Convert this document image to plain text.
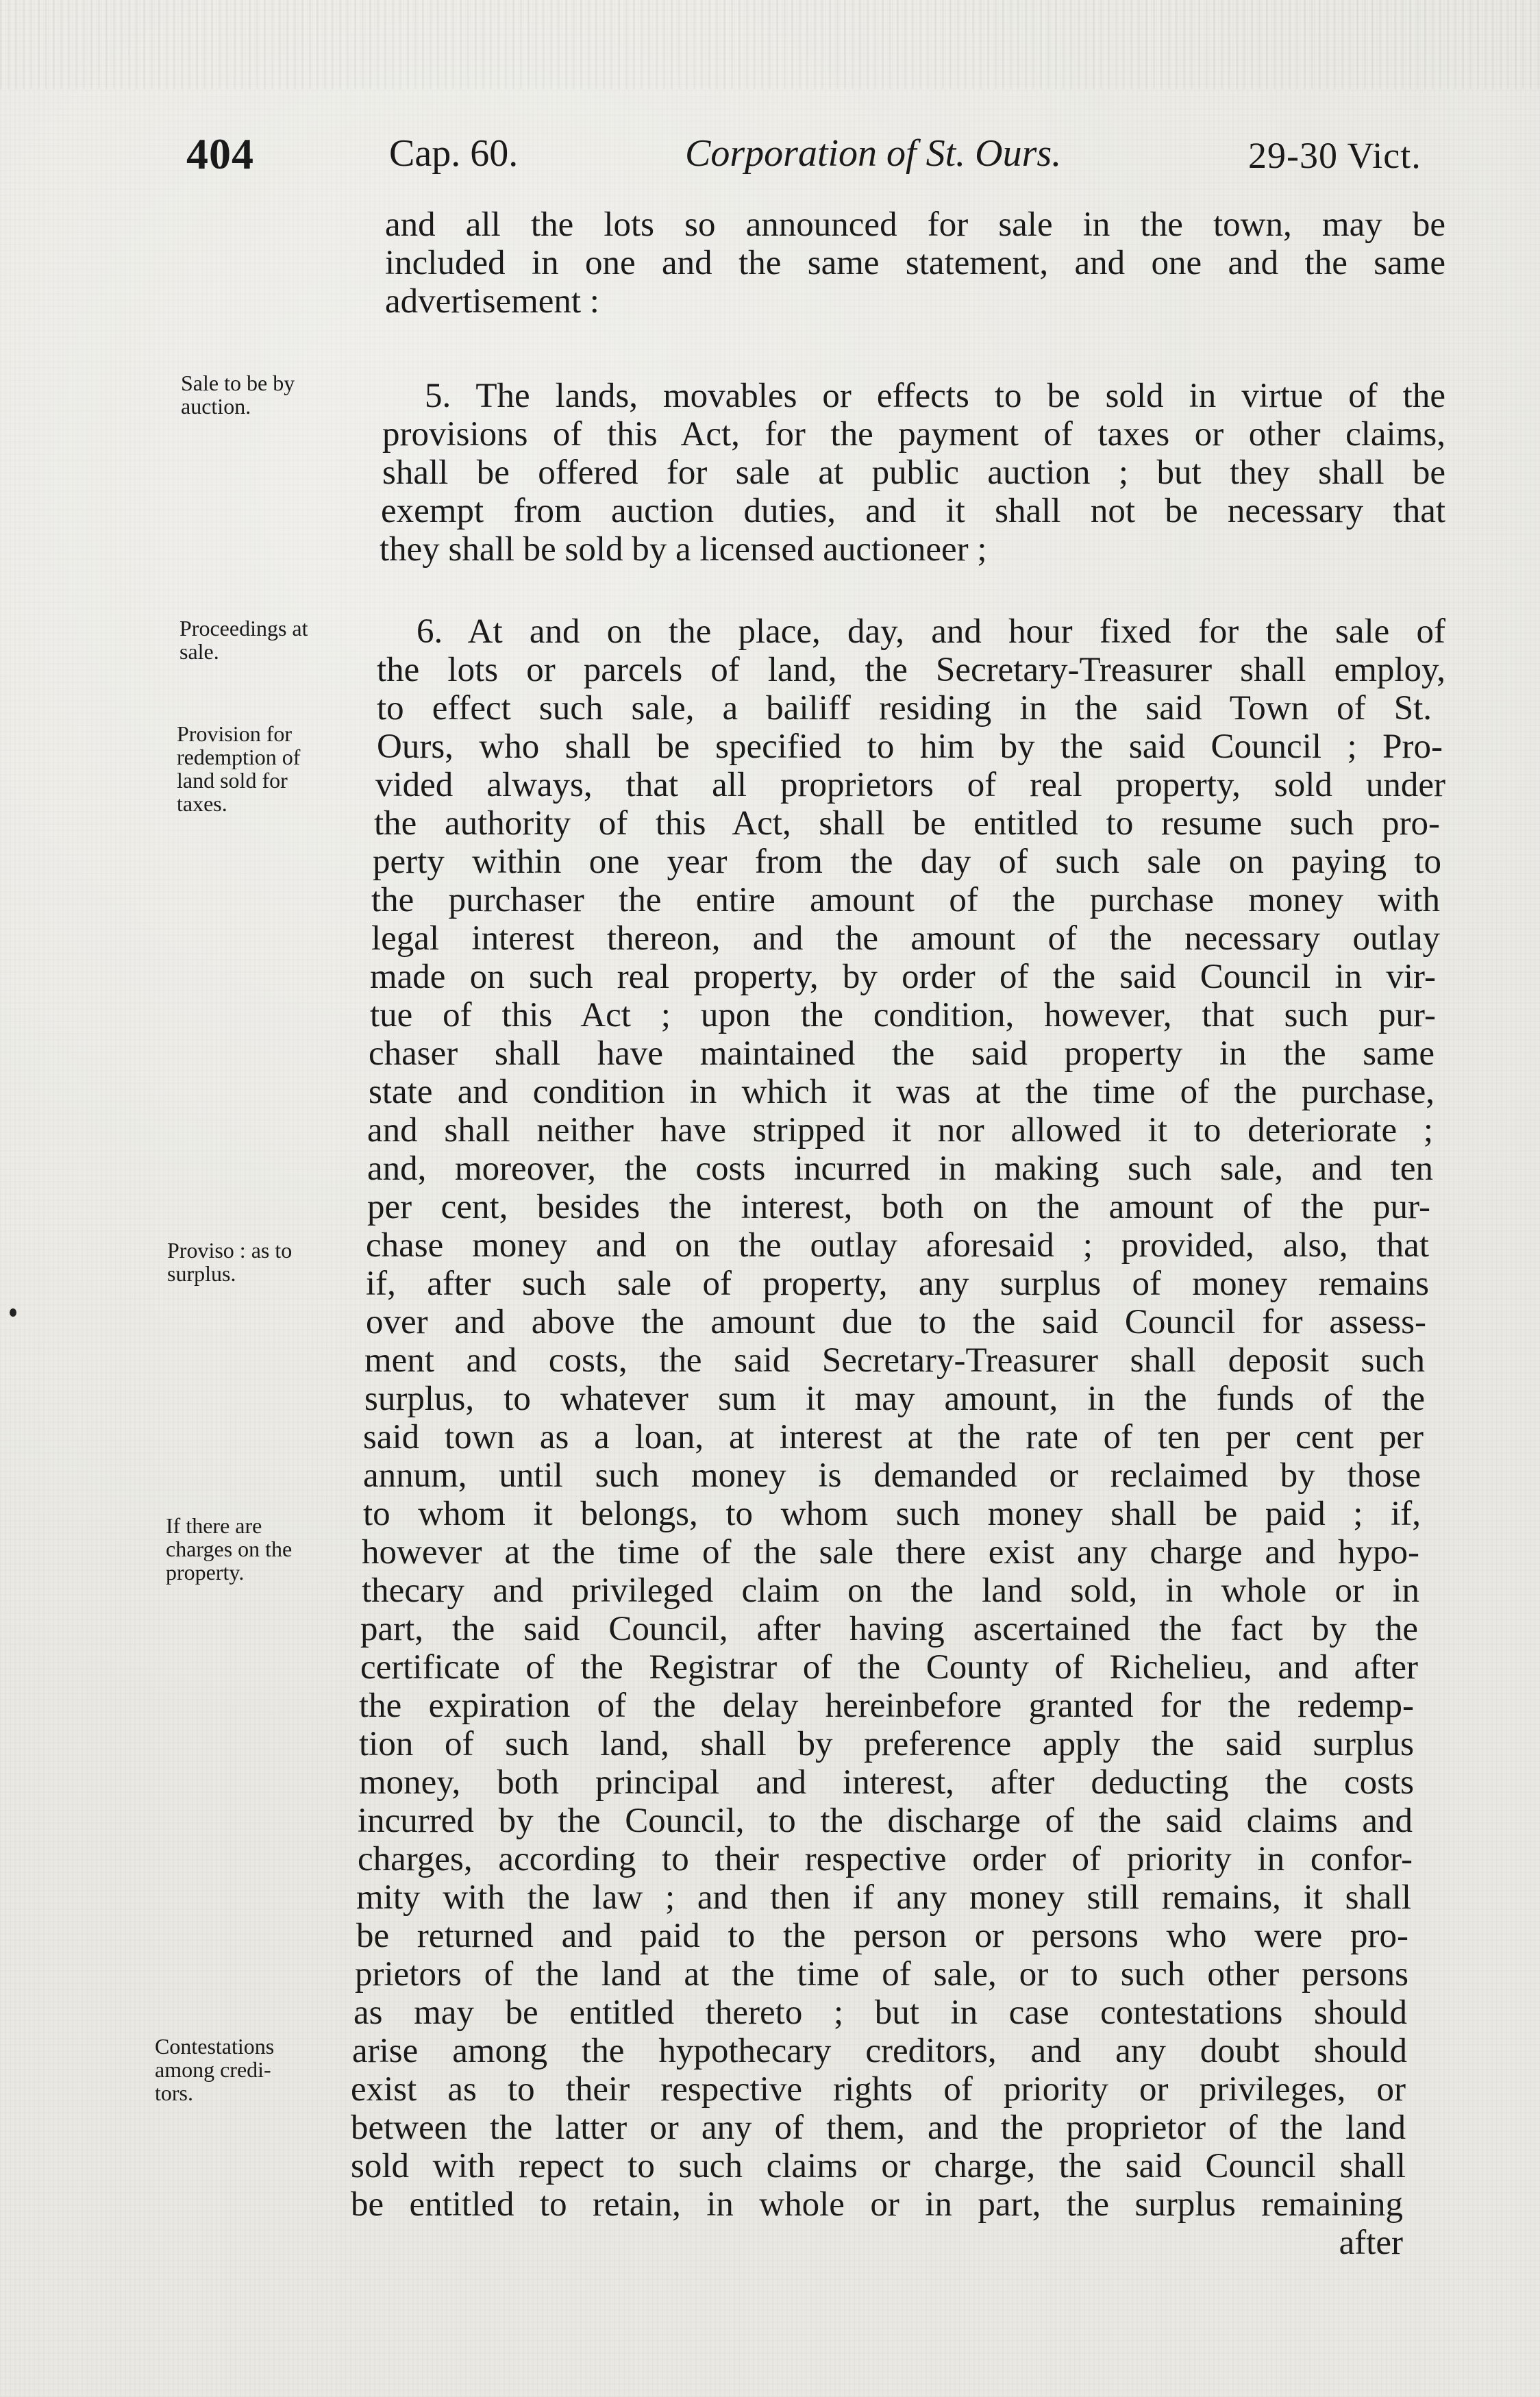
404	Cap. 60.	Corporation of St. Ours.	29-30 Vict.
Sale to be by
auction.
Proceedings at
sale.
Provision for
redemption of
land sold for
taxes.
Proviso : as to
surplus.
If there are
charges on the
property.
Contestations
among credi-
tors.
and all the lots so announced for sale in the town, may be
included in one and the same statement, and one and the same
advertisement :
5. The lands, movables or effects to be sold in virtue of the
provisions of this Act, for the payment of taxes or other claims,
shall be offered for sale at public auction ; but they shall be
exempt from auction duties, and it shall not be necessary that
they shall be sold by a licensed auctioneer ;
6. At and on the place, day, and hour fixed for the sale of
the lots or parcels of land, the Secretary-Treasurer shall employ,
to effect such sale, a bailiff residing in the said Town of St.
Ours, who shall be specified to him by the said Council ; Pro-
vided always, that all proprietors of real property, sold under
the authority of this Act, shall be entitled to resume such pro-
perty within one year from the day of such sale on paying to
the purchaser the entire amount of the purchase money with
legal interest thereon, and the amount of the necessary outlay
made on such real property, by order of the said Council in vir-
tue of this Act ; upon the condition, however, that such pur-
chaser shall have maintained the said property in the same
state and condition in which it was at the time of the purchase,
and shall neither have stripped it nor allowed it to deteriorate ;
and, moreover, the costs incurred in making such sale, and ten
per cent, besides the interest, both on the amount of the pur-
chase money and on the outlay aforesaid ; provided, also, that
if, after such sale of property, any surplus of money remains
over and above the amount due to the said Council for assess-
ment and costs, the said Secretary-Treasurer shall deposit such
surplus, to whatever sum it may amount, in the funds of the
said town as a loan, at interest at the rate of ten per cent per
annum, until such money is demanded or reclaimed by those
to whom it belongs, to whom such money shall be paid ; if,
however at the time of the sale there exist any charge and hypo-
thecary and privileged claim on the land sold, in whole or in
part, the said Council, after having ascertained the fact by the
certificate of the Registrar of the County of Richelieu, and after
the expiration of the delay hereinbefore granted for the redemp-
tion of such land, shall by preference apply the said surplus
money, both principal and interest, after deducting the costs
incurred by the Council, to the discharge of the said claims and
charges, according to their respective order of priority in confor-
mity with the law ; and then if any money still remains, it shall
be returned and paid to the person or persons who were pro-
prietors of the land at the time of sale, or to such other persons
as may be entitled thereto ; but in case contestations should
arise among the hypothecary creditors, and any doubt should
exist as to their respective rights of priority or privileges, or
between the latter or any of them, and the proprietor of the land
sold with repect to such claims or charge, the said Council shall
be entitled to retain, in whole or in part, the surplus remaining
after
